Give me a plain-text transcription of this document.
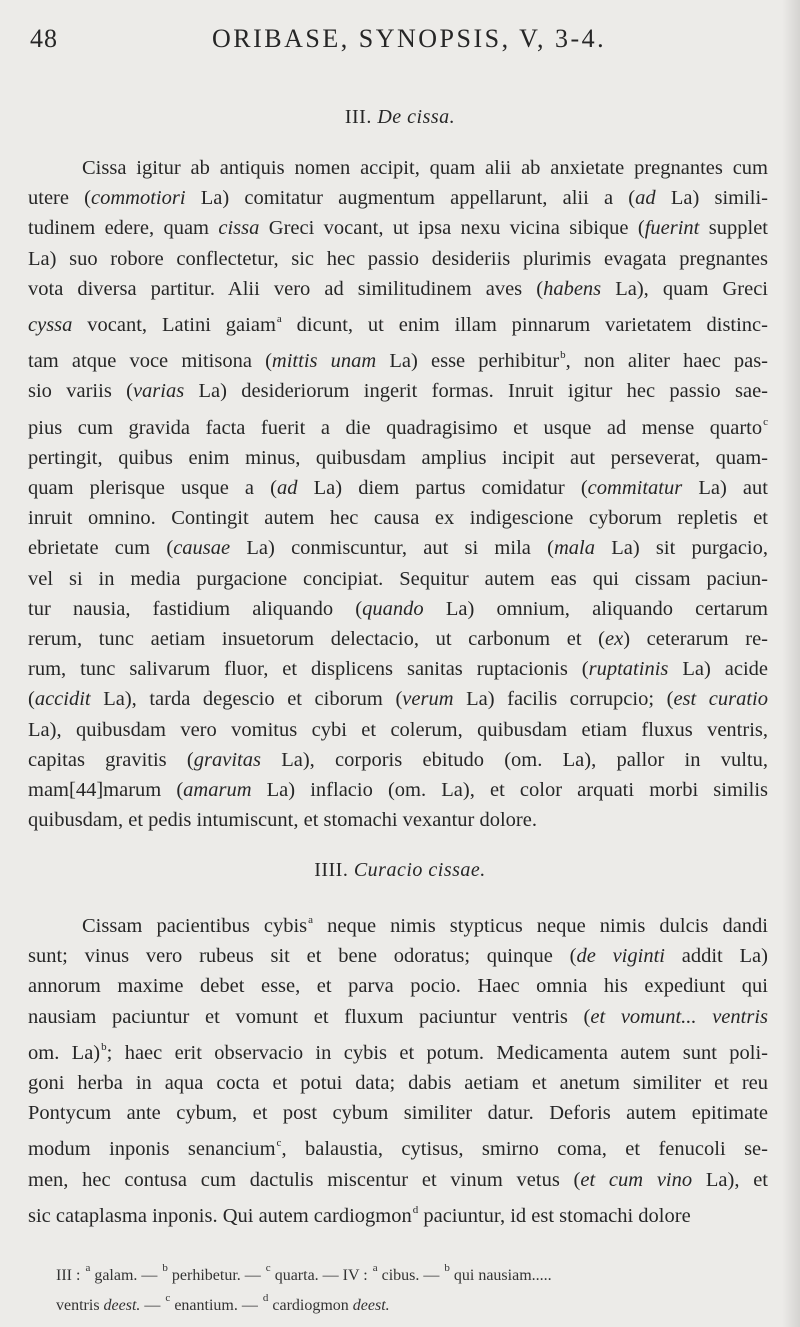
48	ORIBASE, SYNOPSIS, V, 3-4.
III. De cissa.
Cissa igitur ab antiquis nomen accipit, quam alii ab anxietate pregnantes cum
utere (commotiori La) comitatur augmentum appellarunt, alii a (ad La) simili-
tudinem edere, quam cissa Greci vocant, ut ipsa nexu vicina sibique (fuerint supplet
La) suo robore conflectetur, sic hec passio desideriis plurimis evagata pregnantes
vota diversa partitur. Alii vero ad similitudinem aves (habens La), quam Greci
cyssa vocant, Latini gaiam$^a$ dicunt, ut enim illam pinnarum varietatem distinc-
tam atque voce mitisona (mittis unam La) esse perhibitur$^b$, non aliter haec pas-
sio variis (varias La) desideriorum ingerit formas. Inruit igitur hec passio sae-
pius cum gravida facta fuerit a die quadragisimo et usque ad mense quarto$^c$
pertingit, quibus enim minus, quibusdam amplius incipit aut perseverat, quam-
quam plerisque usque a (ad La) diem partus comidatur (commitatur La) aut
inruit omnino. Contingit autem hec causa ex indigescione cyborum repletis et
ebrietate cum (causae La) conmiscuntur, aut si mila (mala La) sit purgacio,
vel si in media purgacione concipiat. Sequitur autem eas qui cissam paciun-
tur nausia, fastidium aliquando (quando La) omnium, aliquando certarum
rerum, tunc aetiam insuetorum delectacio, ut carbonum et (ex) ceterarum re-
rum, tunc salivarum fluor, et displicens sanitas ruptacionis (ruptatinis La) acide
(accidit La), tarda degescio et ciborum (verum La) facilis corrupcio; (est curatio
La), quibusdam vero vomitus cybi et colerum, quibusdam etiam fluxus ventris,
capitas gravitis (gravitas La), corporis ebitudo (om. La), pallor in vultu,
mam[44]marum (amarum La) inflacio (om. La), et color arquati morbi similis
quibusdam, et pedis intumiscunt, et stomachi vexantur dolore.
IIII. Curacio cissae.
Cissam pacientibus cybis$^a$ neque nimis stypticus neque nimis dulcis dandi
sunt; vinus vero rubeus sit et bene odoratus; quinque (de viginti addit La)
annorum maxime debet esse, et parva pocio. Haec omnia his expediunt qui
nausiam paciuntur et vomunt et fluxum paciuntur ventris (et vomunt... ventris
om. La)$^b$; haec erit observacio in cybis et potum. Medicamenta autem sunt poli-
goni herba in aqua cocta et potui data; dabis aetiam et anetum similiter et reu
Pontycum ante cybum, et post cybum similiter datur. Deforis autem epitimate
modum inponis senancium$^c$, balaustia, cytisus, smirno coma, et fenucoli se-
men, hec contusa cum dactulis miscentur et vinum vetus (et cum vino La), et
sic cataplasma inponis. Qui autem cardiogmon$^d$ paciuntur, id est stomachi dolore
III : $^a$ galam. — $^b$ perhibetur. — $^c$ quarta. — IV : $^a$ cibus. — $^b$ qui nausiam.....
ventris deest. — $^c$ enantium. — $^d$ cardiogmon deest.
